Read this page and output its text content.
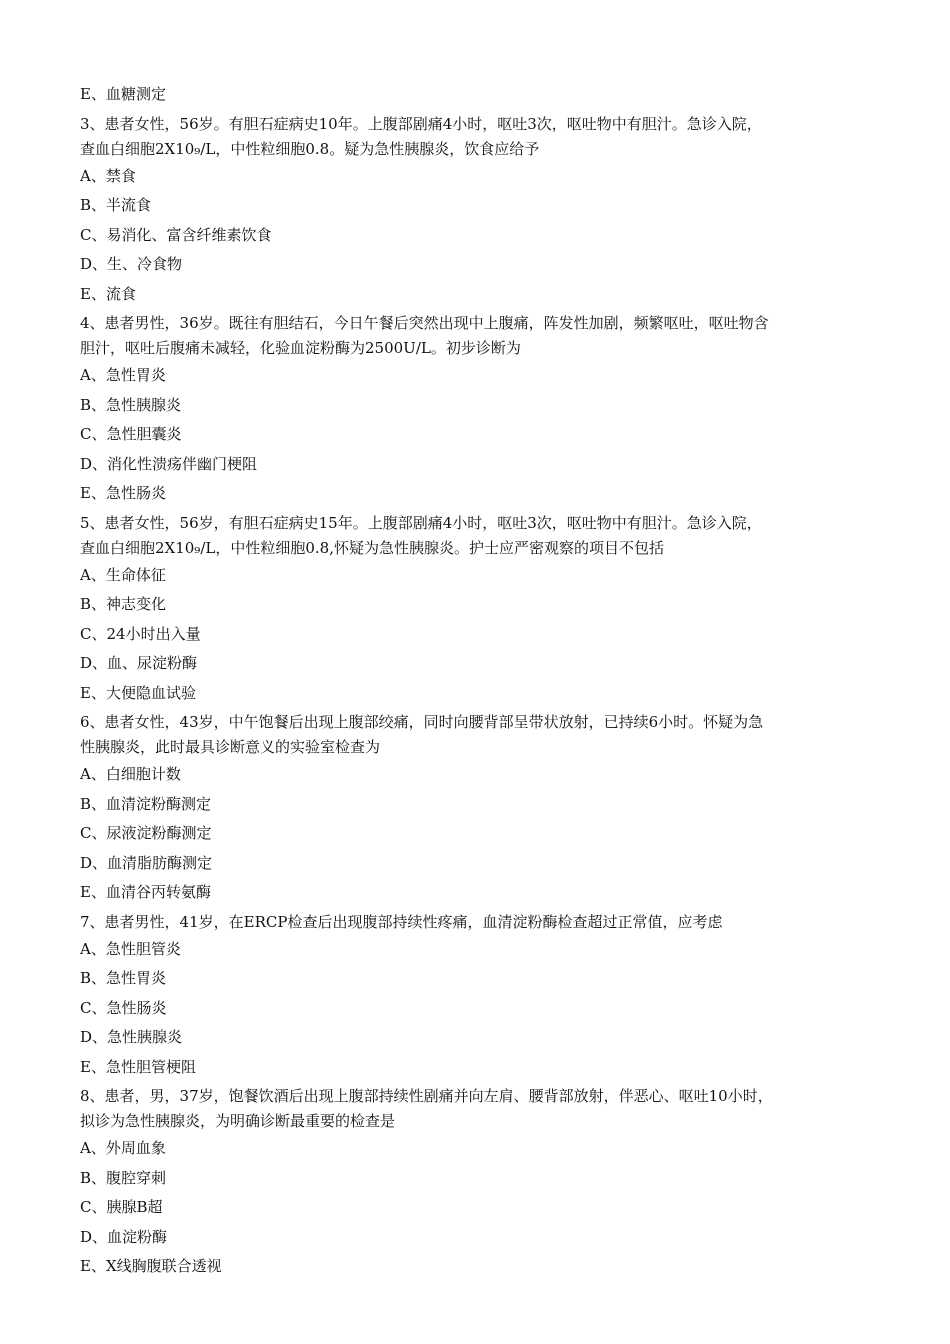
E、血糖测定
3、患者女性，56岁。有胆石症病史10年。上腹部剧痛4小时，呕吐3次，呕吐物中有胆汁。急诊入院，
查血白细胞2X10₉/L，中性粒细胞0.8。疑为急性胰腺炎，饮食应给予
A、禁食
B、半流食
C、易消化、富含纤维素饮食
D、生、冷食物
E、流食
4、患者男性，36岁。既往有胆结石，今日午餐后突然出现中上腹痛，阵发性加剧，频繁呕吐，呕吐物含
胆汁，呕吐后腹痛未减轻，化验血淀粉酶为2500U/L。初步诊断为
A、急性胃炎
B、急性胰腺炎
C、急性胆囊炎
D、消化性溃疡伴幽门梗阻
E、急性肠炎
5、患者女性，56岁，有胆石症病史15年。上腹部剧痛4小时，呕吐3次，呕吐物中有胆汁。急诊入院，
查血白细胞2X10₉/L，中性粒细胞0.8,怀疑为急性胰腺炎。护士应严密观察的项目不包括
A、生命体征
B、神志变化
C、24小时出入量
D、血、尿淀粉酶
E、大便隐血试验
6、患者女性，43岁，中午饱餐后出现上腹部绞痛，同时向腰背部呈带状放射，已持续6小时。怀疑为急
性胰腺炎，此时最具诊断意义的实验室检查为
A、白细胞计数
B、血清淀粉酶测定
C、尿液淀粉酶测定
D、血清脂肪酶测定
E、血清谷丙转氨酶
7、患者男性，41岁，在ERCP检查后出现腹部持续性疼痛，血清淀粉酶检查超过正常值，应考虑
A、急性胆管炎
B、急性胃炎
C、急性肠炎
D、急性胰腺炎
E、急性胆管梗阻
8、患者，男，37岁，饱餐饮酒后出现上腹部持续性剧痛并向左肩、腰背部放射，伴恶心、呕吐10小时，
拟诊为急性胰腺炎，为明确诊断最重要的检查是
A、外周血象
B、腹腔穿刺
C、胰腺B超
D、血淀粉酶
E、X线胸腹联合透视
